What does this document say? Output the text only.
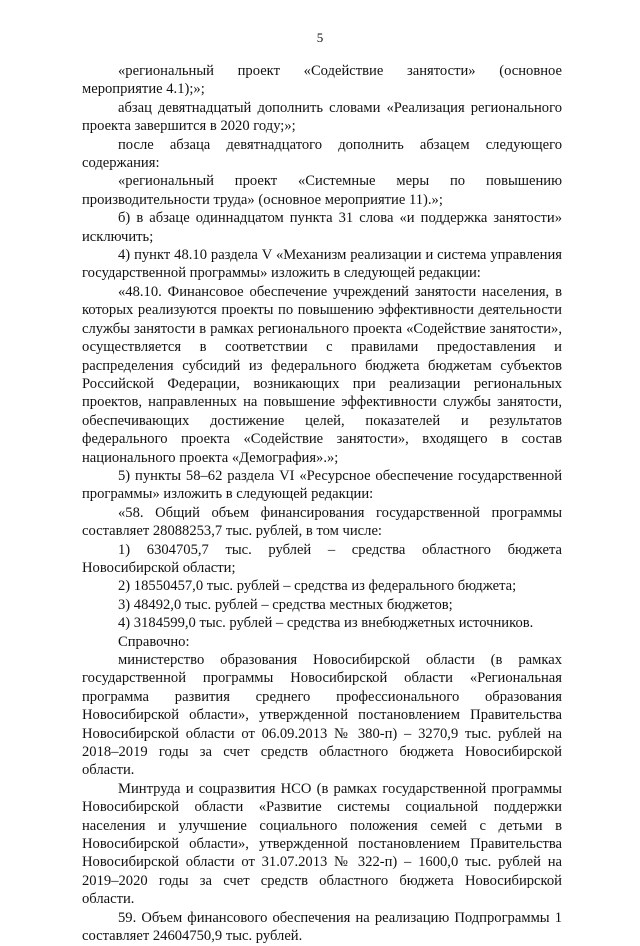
5

«региональный проект «Содействие занятости» (основное мероприятие 4.1);»;

абзац девятнадцатый дополнить словами «Реализация регионального проекта завершится в 2020 году;»;

после абзаца девятнадцатого дополнить абзацем следующего содержания:

«региональный проект «Системные меры по повышению производительности труда» (основное мероприятие 11).»;

б) в абзаце одиннадцатом пункта 31 слова «и поддержка занятости» исключить;

4) пункт 48.10 раздела V «Механизм реализации и система управления государственной программы» изложить в следующей редакции:

«48.10. Финансовое обеспечение учреждений занятости населения, в которых реализуются проекты по повышению эффективности деятельности службы занятости в рамках регионального проекта «Содействие занятости», осуществляется в соответствии с правилами предоставления и распределения субсидий из федерального бюджета бюджетам субъектов Российской Федерации, возникающих при реализации региональных проектов, направленных на повышение эффективности службы занятости, обеспечивающих достижение целей, показателей и результатов федерального проекта «Содействие занятости», входящего в состав национального проекта «Демография».»;

5) пункты 58–62 раздела VI «Ресурсное обеспечение государственной программы» изложить в следующей редакции:

«58. Общий объем финансирования государственной программы составляет 28088253,7 тыс. рублей, в том числе:

1) 6304705,7 тыс. рублей – средства областного бюджета Новосибирской области;

2) 18550457,0 тыс. рублей – средства из федерального бюджета;

3) 48492,0 тыс. рублей – средства местных бюджетов;

4) 3184599,0 тыс. рублей – средства из внебюджетных источников.

Справочно:

министерство образования Новосибирской области (в рамках государственной программы Новосибирской области «Региональная программа развития среднего профессионального образования Новосибирской области», утвержденной постановлением Правительства Новосибирской области от 06.09.2013 № 380-п) – 3270,9 тыс. рублей на 2018–2019 годы за счет средств областного бюджета Новосибирской области.

Минтруда и соцразвития НСО (в рамках государственной программы Новосибирской области «Развитие системы социальной поддержки населения и улучшение социального положения семей с детьми в Новосибирской области», утвержденной постановлением Правительства Новосибирской области от 31.07.2013 № 322-п) – 1600,0 тыс. рублей на 2019–2020 годы за счет средств областного бюджета Новосибирской области.

59. Объем финансового обеспечения на реализацию Подпрограммы 1 составляет 24604750,9 тыс. рублей.
